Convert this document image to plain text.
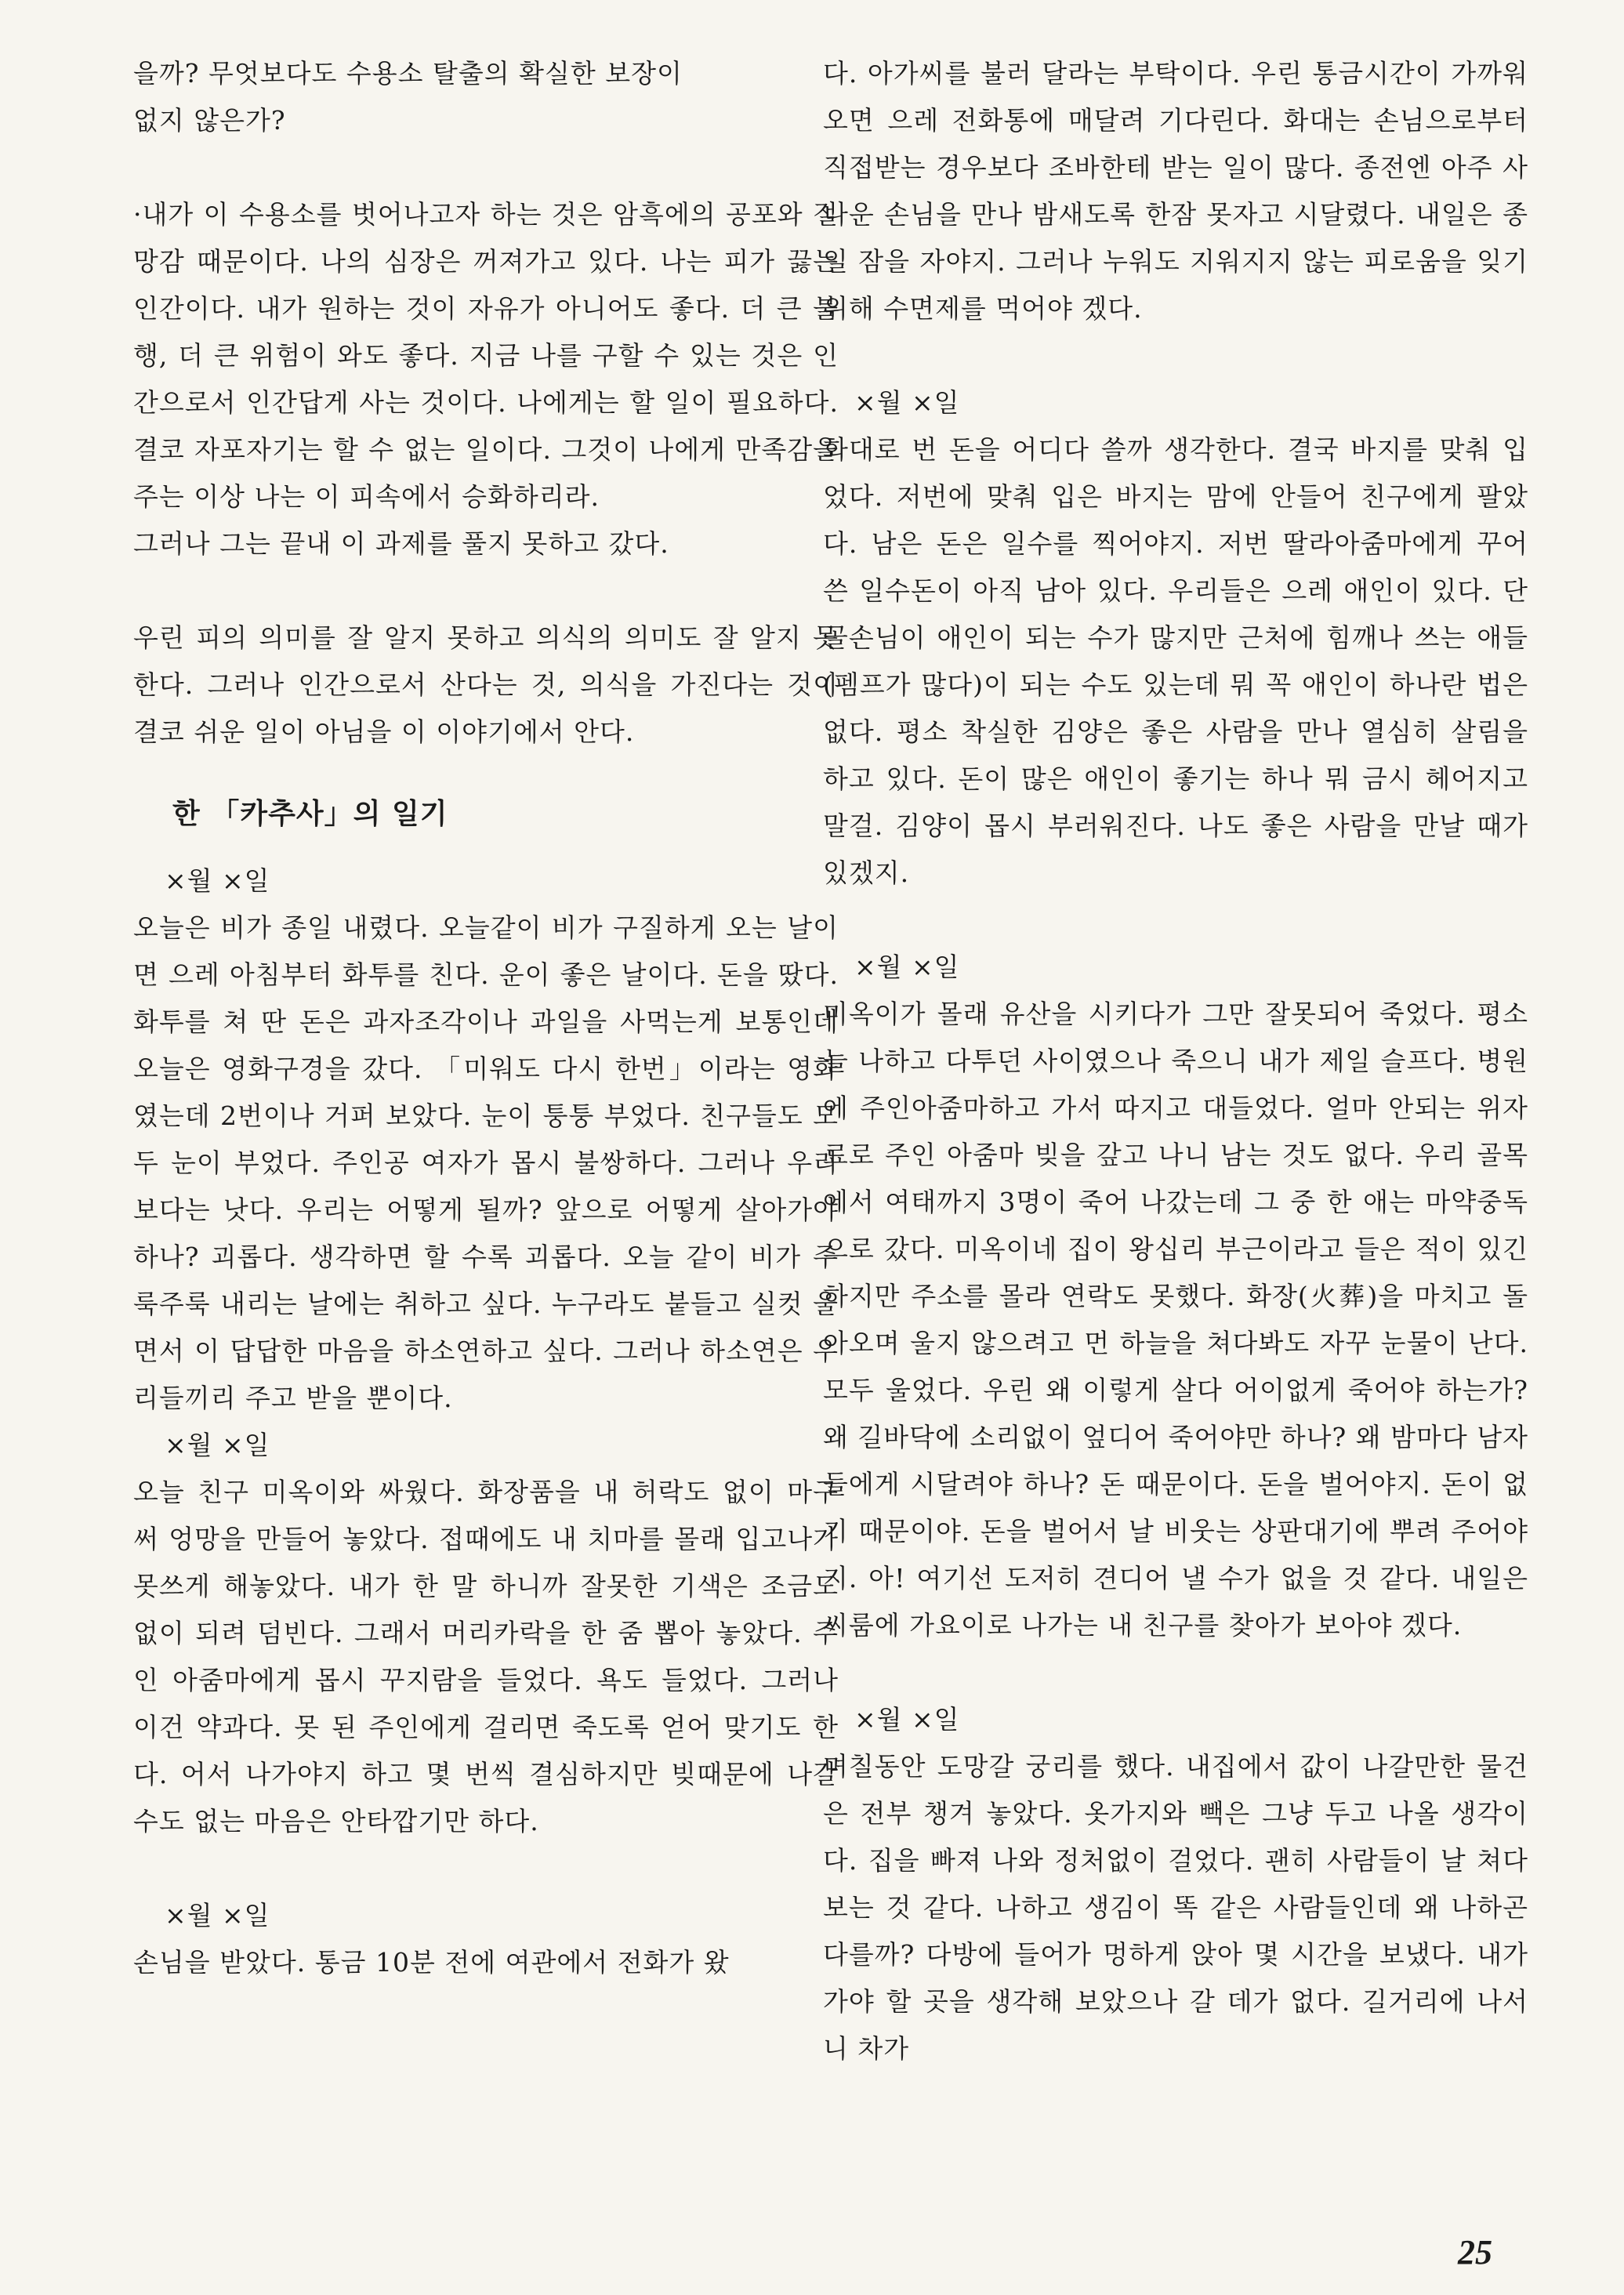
을까? 무엇보다도 수용소 탈출의 확실한 보장이

없지 않은가?

·내가 이 수용소를 벗어나고자 하는 것은 암흑에의 공포와 절망감 때문이다. 나의 심장은 꺼져가고 있다. 나는 피가 끓는 인간이다. 내가 원하는 것이 자유가 아니어도 좋다. 더 큰 불행, 더 큰 위험이 와도 좋다. 지금 나를 구할 수 있는 것은 인간으로서 인간답게 사는 것이다. 나에게는 할 일이 필요하다. 결코 자포자기는 할 수 없는 일이다. 그것이 나에게 만족감을 주는 이상 나는 이 피속에서 승화하리라.

그러나 그는 끝내 이 과제를 풀지 못하고 갔다.

우린 피의 의미를 잘 알지 못하고 의식의 의미도 잘 알지 못한다. 그러나 인간으로서 산다는 것, 의식을 가진다는 것이 결코 쉬운 일이 아님을 이 이야기에서 안다.

한 「카추사」의 일기

×월 ×일

오늘은 비가 종일 내렸다. 오늘같이 비가 구질하게 오는 날이면 으레 아침부터 화투를 친다. 운이 좋은 날이다. 돈을 땄다. 화투를 쳐 딴 돈은 과자조각이나 과일을 사먹는게 보통인데 오늘은 영화구경을 갔다. 「미워도 다시 한번」이라는 영화였는데 2번이나 거퍼 보았다. 눈이 퉁퉁 부었다. 친구들도 모두 눈이 부었다. 주인공 여자가 몹시 불쌍하다. 그러나 우리보다는 낫다. 우리는 어떻게 될까? 앞으로 어떻게 살아가야 하나? 괴롭다. 생각하면 할 수록 괴롭다. 오늘 같이 비가 주룩주룩 내리는 날에는 취하고 싶다. 누구라도 붙들고 실컷 울면서 이 답답한 마음을 하소연하고 싶다. 그러나 하소연은 우리들끼리 주고 받을 뿐이다.

×월 ×일

오늘 친구 미옥이와 싸웠다. 화장품을 내 허락도 없이 마구 써 엉망을 만들어 놓았다. 접때에도 내 치마를 몰래 입고나가 못쓰게 해놓았다. 내가 한 말 하니까 잘못한 기색은 조금도 없이 되려 덤빈다. 그래서 머리카락을 한 줌 뽑아 놓았다. 주인 아줌마에게 몹시 꾸지람을 들었다. 욕도 들었다. 그러나 이건 약과다. 못 된 주인에게 걸리면 죽도록 얻어 맞기도 한다. 어서 나가야지 하고 몇 번씩 결심하지만 빚때문에 나갈 수도 없는 마음은 안타깝기만 하다.

×월 ×일

손님을 받았다. 통금 10분 전에 여관에서 전화가 왔

다. 아가씨를 불러 달라는 부탁이다. 우린 통금시간이 가까워오면 으레 전화통에 매달려 기다린다. 화대는 손님으로부터 직접받는 경우보다 조바한테 받는 일이 많다. 종전엔 아주 사나운 손님을 만나 밤새도록 한잠 못자고 시달렸다. 내일은 종일 잠을 자야지. 그러나 누워도 지워지지 않는 피로움을 잊기 위해 수면제를 먹어야 겠다.

×월 ×일

화대로 번 돈을 어디다 쓸까 생각한다. 결국 바지를 맞춰 입었다. 저번에 맞춰 입은 바지는 맘에 안들어 친구에게 팔았다. 남은 돈은 일수를 찍어야지. 저번 딸라아줌마에게 꾸어 쓴 일수돈이 아직 남아 있다. 우리들은 으레 애인이 있다. 단골손님이 애인이 되는 수가 많지만 근처에 힘깨나 쓰는 애들(펨프가 많다)이 되는 수도 있는데 뭐 꼭 애인이 하나란 법은 없다. 평소 착실한 김양은 좋은 사람을 만나 열심히 살림을 하고 있다. 돈이 많은 애인이 좋기는 하나 뭐 금시 헤어지고 말걸. 김양이 몹시 부러워진다. 나도 좋은 사람을 만날 때가 있겠지.

×월 ×일

미옥이가 몰래 유산을 시키다가 그만 잘못되어 죽었다. 평소 늘 나하고 다투던 사이였으나 죽으니 내가 제일 슬프다. 병원에 주인아줌마하고 가서 따지고 대들었다. 얼마 안되는 위자료로 주인 아줌마 빚을 갚고 나니 남는 것도 없다. 우리 골목에서 여태까지 3명이 죽어 나갔는데 그 중 한 애는 마약중독으로 갔다. 미옥이네 집이 왕십리 부근이라고 들은 적이 있긴 하지만 주소를 몰라 연락도 못했다. 화장(火葬)을 마치고 돌아오며 울지 않으려고 먼 하늘을 쳐다봐도 자꾸 눈물이 난다. 모두 울었다. 우린 왜 이렇게 살다 어이없게 죽어야 하는가? 왜 길바닥에 소리없이 엎디어 죽어야만 하나? 왜 밤마다 남자들에게 시달려야 하나? 돈 때문이다. 돈을 벌어야지. 돈이 없기 때문이야. 돈을 벌어서 날 비웃는 상판대기에 뿌려 주어야지. 아! 여기선 도저히 견디어 낼 수가 없을 것 같다. 내일은 씨룸에 가요이로 나가는 내 친구를 찾아가 보아야 겠다.

×월 ×일

며칠동안 도망갈 궁리를 했다. 내집에서 값이 나갈만한 물건은 전부 챙겨 놓았다. 옷가지와 빽은 그냥 두고 나올 생각이다. 집을 빠져 나와 정처없이 걸었다. 괜히 사람들이 날 쳐다보는 것 같다. 나하고 생김이 똑 같은 사람들인데 왜 나하곤 다를까? 다방에 들어가 멍하게 앉아 몇 시간을 보냈다. 내가 가야 할 곳을 생각해 보았으나 갈 데가 없다. 길거리에 나서니 차가

25
